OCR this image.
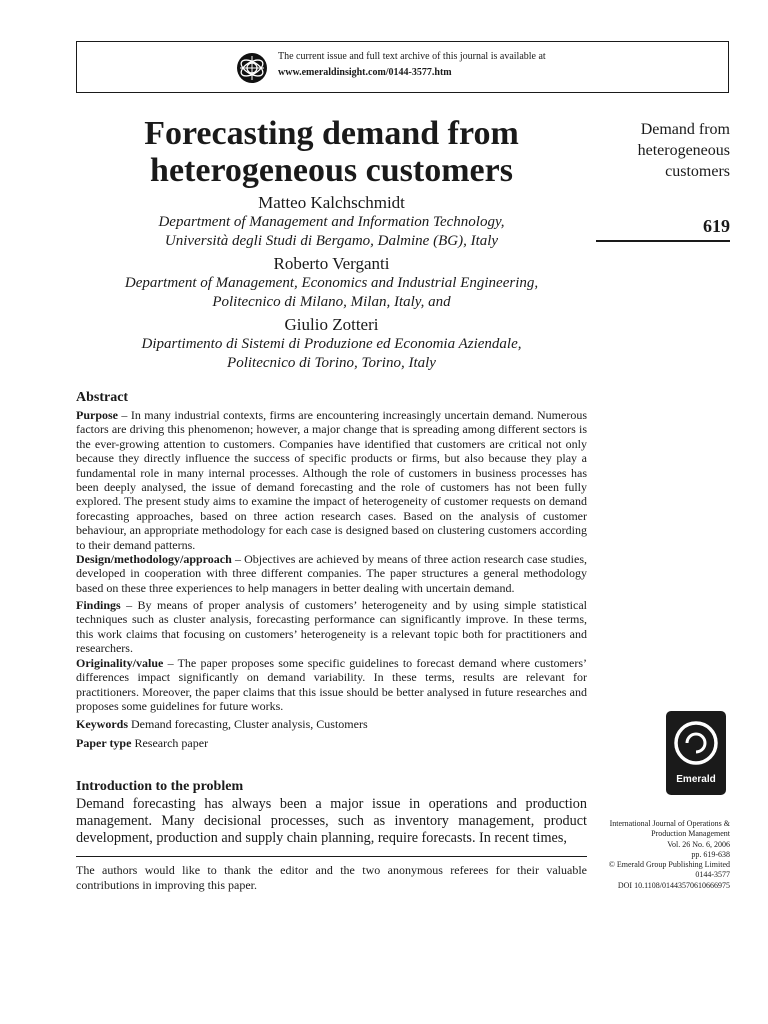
The current issue and full text archive of this journal is available at
www.emeraldinsight.com/0144-3577.htm
Forecasting demand from
heterogeneous customers
Matteo Kalchschmidt
Department of Management and Information Technology,
Università degli Studi di Bergamo, Dalmine (BG), Italy
Roberto Verganti
Department of Management, Economics and Industrial Engineering,
Politecnico di Milano, Milan, Italy, and
Giulio Zotteri
Dipartimento di Sistemi di Produzione ed Economia Aziendale,
Politecnico di Torino, Torino, Italy
Demand from
heterogeneous
customers
619
Abstract
Purpose – In many industrial contexts, firms are encountering increasingly uncertain demand. Numerous factors are driving this phenomenon; however, a major change that is spreading among different sectors is the ever-growing attention to customers. Companies have identified that customers are critical not only because they directly influence the success of specific products or firms, but also because they play a fundamental role in many internal processes. Although the role of customers in business processes has been deeply analysed, the issue of demand forecasting and the role of customers has not been fully explored. The present study aims to examine the impact of heterogeneity of customer requests on demand forecasting approaches, based on three action research cases. Based on the analysis of customer behaviour, an appropriate methodology for each case is designed based on clustering customers according to their demand patterns.
Design/methodology/approach – Objectives are achieved by means of three action research case studies, developed in cooperation with three different companies. The paper structures a general methodology based on these three experiences to help managers in better dealing with uncertain demand.
Findings – By means of proper analysis of customers’ heterogeneity and by using simple statistical techniques such as cluster analysis, forecasting performance can significantly improve. In these terms, this work claims that focusing on customers’ heterogeneity is a relevant topic both for practitioners and researchers.
Originality/value – The paper proposes some specific guidelines to forecast demand where customers’ differences impact significantly on demand variability. In these terms, results are relevant for practitioners. Moreover, the paper claims that this issue should be better analysed in future researches and proposes some guidelines for future works.
Keywords Demand forecasting, Cluster analysis, Customers
Paper type Research paper
Introduction to the problem
Demand forecasting has always been a major issue in operations and production management. Many decisional processes, such as inventory management, product development, production and supply chain planning, require forecasts. In recent times,
The authors would like to thank the editor and the two anonymous referees for their valuable contributions in improving this paper.
Emerald
International Journal of Operations &
Production Management
Vol. 26 No. 6, 2006
pp. 619-638
© Emerald Group Publishing Limited
0144-3577
DOI 10.1108/01443570610666975
